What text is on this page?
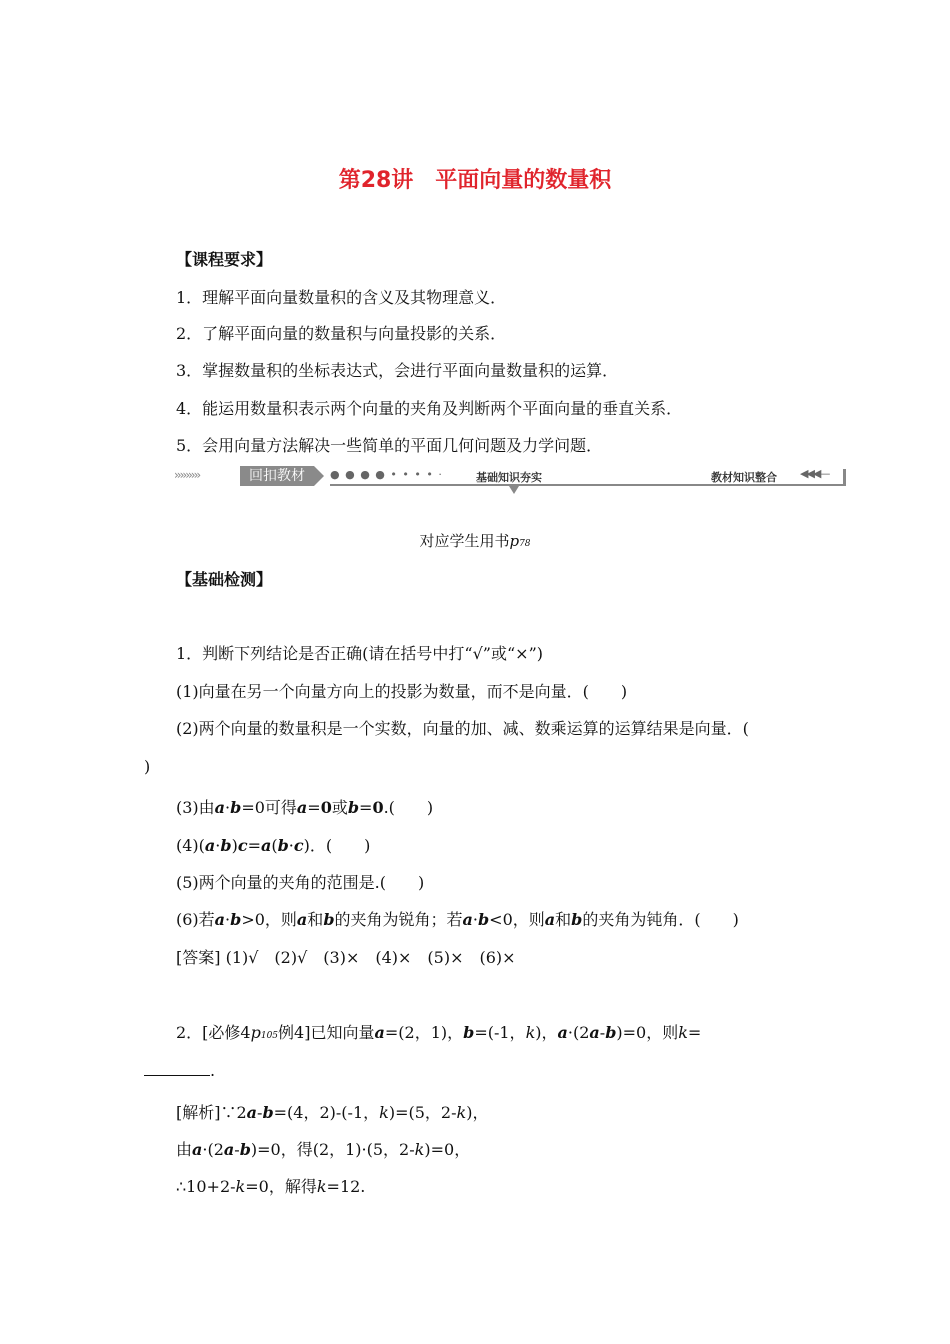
第28讲　平面向量的数量积
【课程要求】
1．理解平面向量数量积的含义及其物理意义．
2．了解平面向量的数量积与向量投影的关系．
3．掌握数量积的坐标表达式，会进行平面向量数量积的运算．
4．能运用数量积表示两个向量的夹角及判断两个平面向量的垂直关系．
5．会用向量方法解决一些简单的平面几何问题及力学问题．
›››››››››	回扣教材	● ● ● ● • • • • ·	基础知识夯实	教材知识整合 ◀◀◀—
对应学生用书p78
【基础检测】
1．判断下列结论是否正确(请在括号中打“√”或“×”)
(1)向量在另一个向量方向上的投影为数量，而不是向量．(　　)
(2)两个向量的数量积是一个实数，向量的加、减、数乘运算的运算结果是向量．(
)
(3)由a·b=0可得a=0或b=0.(　　)
(4)(a·b)c=a(b·c)．(　　)
(5)两个向量的夹角的范围是.(　　)
(6)若a·b>0，则a和b的夹角为锐角；若a·b<0，则a和b的夹角为钝角．(　　)
[答案] (1)√　(2)√　(3)×　(4)×　(5)×　(6)×
2．[必修4p105例4]已知向量a=(2，1)，b=(-1，k)，a·(2a-b)=0，则k=
.
[解析]∵2a-b=(4，2)-(-1，k)=(5，2-k)，
由a·(2a-b)=0，得(2，1)·(5，2-k)=0，
∴10+2-k=0，解得k=12.
